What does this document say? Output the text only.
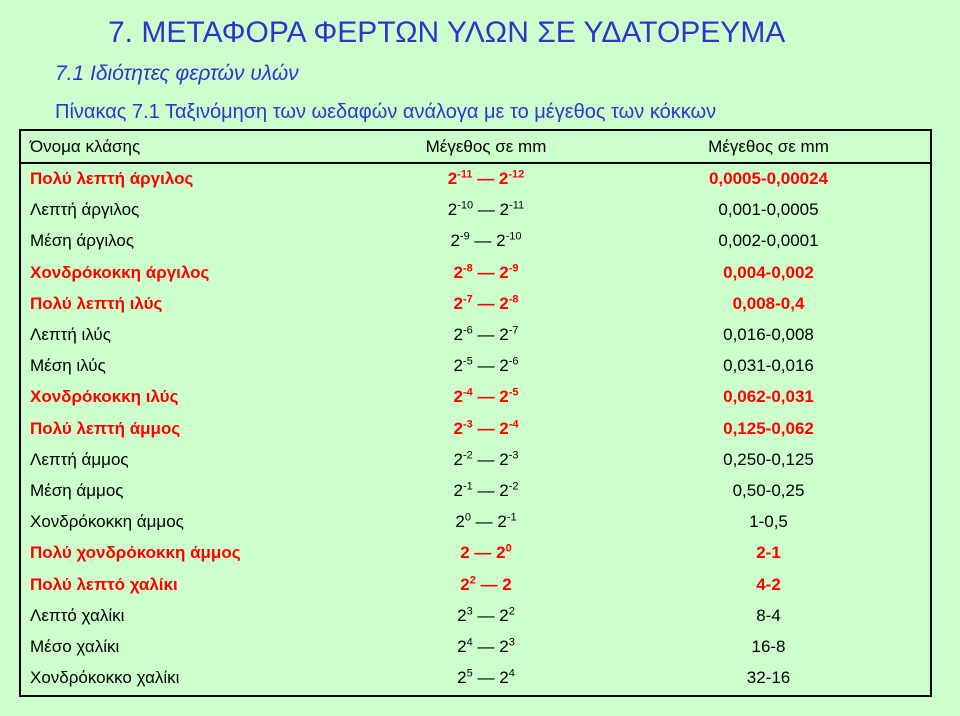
7. ΜΕΤΑΦΟΡΑ ΦΕΡΤΩΝ ΥΛΩΝ ΣΕ ΥΔΑΤΟΡΕΥΜΑ
7.1 Ιδιότητες φερτών υλών
Πίνακας 7.1 Ταξινόμηση των ωεδαφών ανάλογα με το μέγεθος των κόκκων
Όνομα κλάσης	Μέγεθος σε mm	Μέγεθος σε mm
Πολύ λεπτή άργιλος	$2^{-11}$ — $2^{-12}$	0,0005-0,00024
Λεπτή άργιλος	$2^{-10}$ — $2^{-11}$	0,001-0,0005
Μέση άργιλος	$2^{-9}$ — $2^{-10}$	0,002-0,0001
Χονδρόκοκκη άργιλος	$2^{-8}$ — $2^{-9}$	0,004-0,002
Πολύ λεπτή ιλύς	$2^{-7}$ — $2^{-8}$	0,008-0,4
Λεπτή ιλύς	$2^{-6}$ — $2^{-7}$	0,016-0,008
Μέση ιλύς	$2^{-5}$ — $2^{-6}$	0,031-0,016
Χονδρόκοκκη ιλύς	$2^{-4}$ — $2^{-5}$	0,062-0,031
Πολύ λεπτή άμμος	$2^{-3}$ — $2^{-4}$	0,125-0,062
Λεπτή άμμος	$2^{-2}$ — $2^{-3}$	0,250-0,125
Μέση άμμος	$2^{-1}$ — $2^{-2}$	0,50-0,25
Χονδρόκοκκη άμμος	$2^0$ — $2^{-1}$	1-0,5
Πολύ χονδρόκοκκη άμμος	2 — $2^0$	2-1
Πολύ λεπτό χαλίκι	$2^2$ — 2	4-2
Λεπτό χαλίκι	$2^3$ — $2^2$	8-4
Μέσο χαλίκι	$2^4$ — $2^3$	16-8
Χονδρόκοκκο χαλίκι	$2^5$ — $2^4$	32-16
